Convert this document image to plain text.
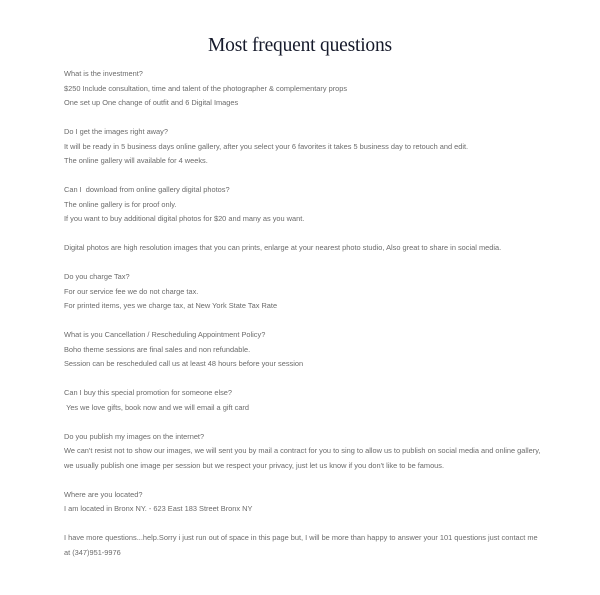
Most frequent questions

What is the investment?

$250 Include consultation, time and talent of the photographer & complementary props

One set up One change of outfit and 6 Digital Images

Do I get the images right away?

It will be ready in 5 business days online gallery, after you select your 6 favorites it takes 5 business day to retouch and edit.

The online gallery will available for 4 weeks.

Can I  download from online gallery digital photos?

The online gallery is for proof only.

If you want to buy additional digital photos for $20 and many as you want.

Digital photos are high resolution images that you can prints, enlarge at your nearest photo studio, Also great to share in social media.

Do you charge Tax?

For our service fee we do not charge tax.

For printed items, yes we charge tax, at New York State Tax Rate

What is you Cancellation / Rescheduling Appointment Policy?

Boho theme sessions are final sales and non refundable.

Session can be rescheduled call us at least 48 hours before your session

Can I buy this special promotion for someone else?

Yes we love gifts, book now and we will email a gift card

Do you publish my images on the internet?

We can't resist not to show our images, we will sent you by mail a contract for you to sing to allow us to publish on social media and online gallery, we usually publish one image per session but we respect your privacy, just let us know if you don't like to be famous.

Where are you located?

I am located in Bronx NY. - 623 East 183 Street Bronx NY

I have more questions...help.Sorry i just run out of space in this page but, I will be more than happy to answer your 101 questions just contact me at (347)951-9976
